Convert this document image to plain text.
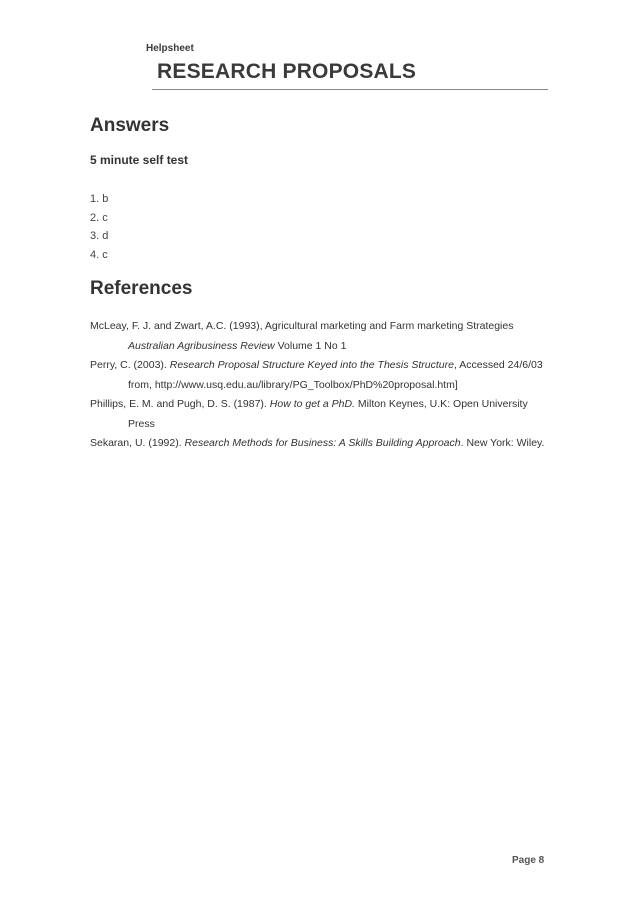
Helpsheet
RESEARCH PROPOSALS
Answers
5 minute self test
1. b
2. c
3. d
4. c
References

McLeay, F. J. and Zwart, A.C. (1993), Agricultural marketing and Farm marketing Strategies Australian Agribusiness Review Volume 1 No 1

Perry, C. (2003). Research Proposal Structure Keyed into the Thesis Structure, Accessed 24/6/03 from, http://www.usq.edu.au/library/PG_Toolbox/PhD%20proposal.htm]

Phillips, E. M. and Pugh, D. S. (1987). How to get a PhD. Milton Keynes, U.K: Open University Press

Sekaran, U. (1992). Research Methods for Business: A Skills Building Approach. New York: Wiley.

Page 8
